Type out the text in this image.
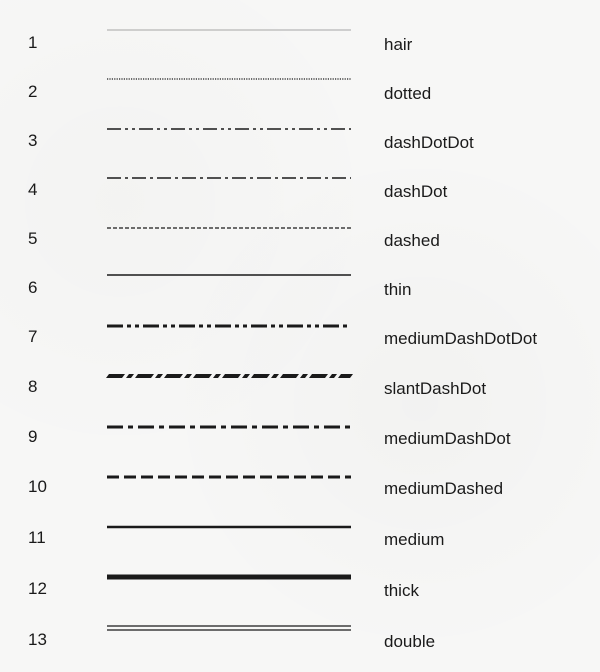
1	hair
2	dotted
3	dashDotDot
4	dashDot
5	dashed
6	thin
7	mediumDashDotDot
8	slantDashDot
9	mediumDashDot
10	mediumDashed
11	medium
12	thick
13	double
